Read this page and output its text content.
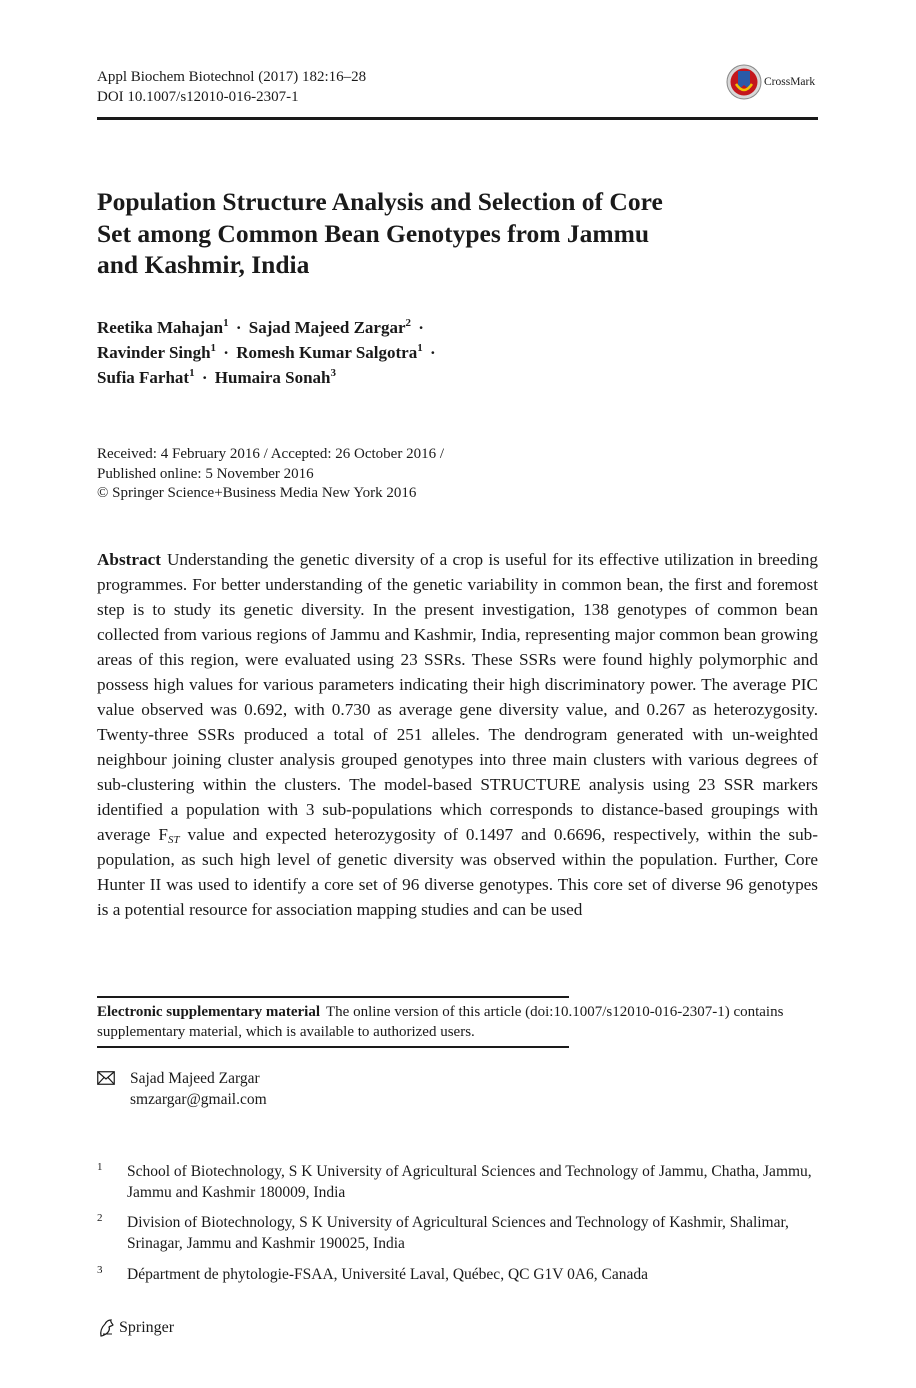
Appl Biochem Biotechnol (2017) 182:16–28
DOI 10.1007/s12010-016-2307-1
CrossMark
Population Structure Analysis and Selection of Core
Set among Common Bean Genotypes from Jammu
and Kashmir, India
Reetika Mahajan$^1$ · Sajad Majeed Zargar$^2$ ·
Ravinder Singh$^1$ · Romesh Kumar Salgotra$^1$ ·
Sufia Farhat$^1$ · Humaira Sonah$^3$
Received: 4 February 2016 / Accepted: 26 October 2016 /
Published online: 5 November 2016
© Springer Science+Business Media New York 2016
Abstract Understanding the genetic diversity of a crop is useful for its effective utilization in breeding programmes. For better understanding of the genetic variability in common bean, the first and foremost step is to study its genetic diversity. In the present investigation, 138 genotypes of common bean collected from various regions of Jammu and Kashmir, India, representing major common bean growing areas of this region, were evaluated using 23 SSRs. These SSRs were found highly polymorphic and possess high values for various parameters indicating their high discriminatory power. The average PIC value observed was 0.692, with 0.730 as average gene diversity value, and 0.267 as heterozygosity. Twenty-three SSRs produced a total of 251 alleles. The dendrogram generated with un-weighted neighbour joining cluster analysis grouped genotypes into three main clusters with various degrees of sub-clustering within the clusters. The model-based STRUCTURE analysis using 23 SSR markers identified a population with 3 sub-populations which corresponds to distance-based groupings with average $F_{ST}$ value and expected heterozygosity of 0.1497 and 0.6696, respectively, within the sub-population, as such high level of genetic diversity was observed within the population. Further, Core Hunter II was used to identify a core set of 96 diverse genotypes. This core set of diverse 96 genotypes is a potential resource for association mapping studies and can be used
Electronic supplementary material The online version of this article (doi:10.1007/s12010-016-2307-1) contains supplementary material, which is available to authorized users.
Sajad Majeed Zargar
smzargar@gmail.com
1 School of Biotechnology, S K University of Agricultural Sciences and Technology of Jammu, Chatha, Jammu, Jammu and Kashmir 180009, India
2 Division of Biotechnology, S K University of Agricultural Sciences and Technology of Kashmir, Shalimar, Srinagar, Jammu and Kashmir 190025, India
3 Départment de phytologie-FSAA, Université Laval, Québec, QC G1V 0A6, Canada
Springer
